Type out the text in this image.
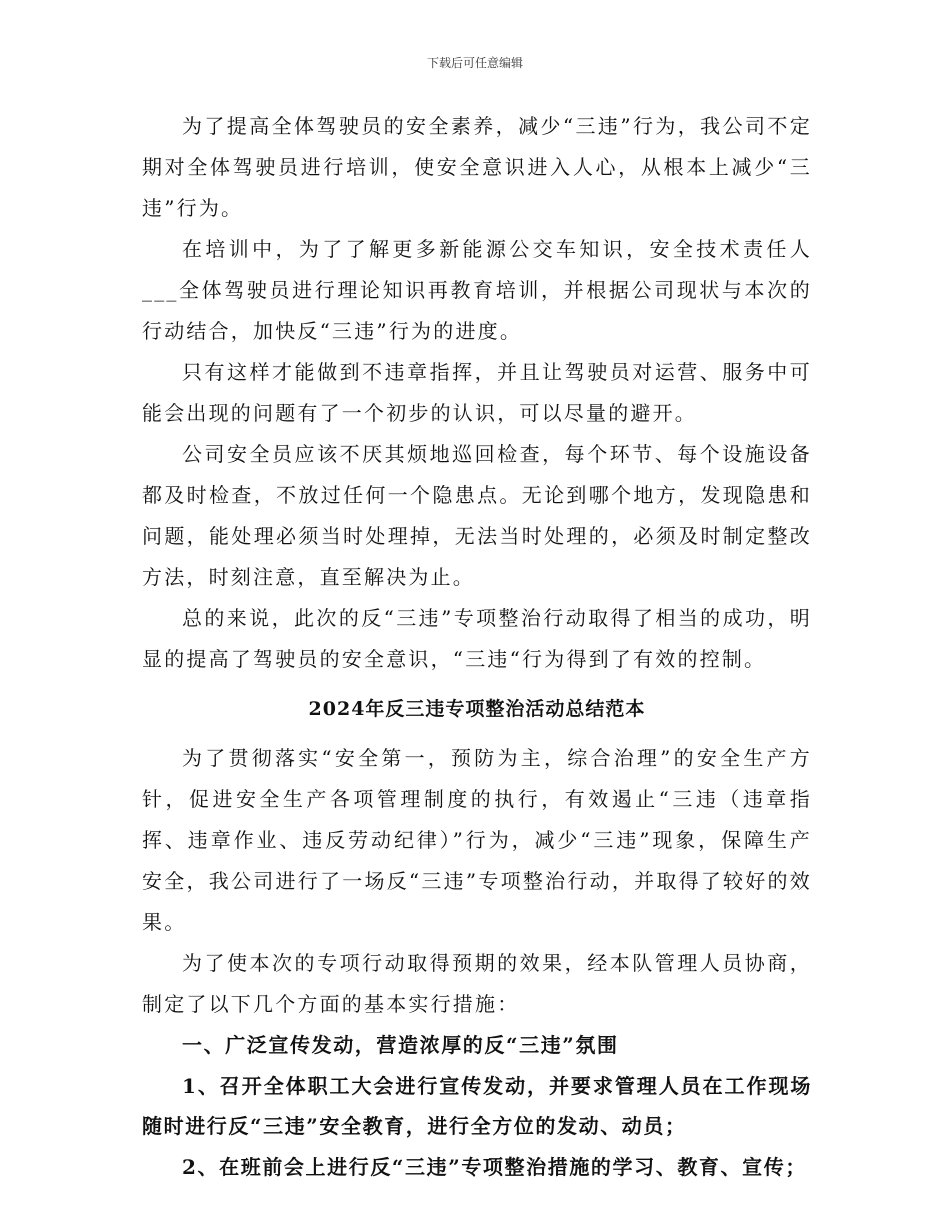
下载后可任意编辑

为了提高全体驾驶员的安全素养，减少“三违”行为，我公司不定期对全体驾驶员进行培训，使安全意识进入人心，从根本上减少“三违”行为。

在培训中，为了了解更多新能源公交车知识，安全技术责任人___全体驾驶员进行理论知识再教育培训，并根据公司现状与本次的行动结合，加快反“三违”行为的进度。

只有这样才能做到不违章指挥，并且让驾驶员对运营、服务中可能会出现的问题有了一个初步的认识，可以尽量的避开。

公司安全员应该不厌其烦地巡回检查，每个环节、每个设施设备都及时检查，不放过任何一个隐患点。无论到哪个地方，发现隐患和问题，能处理必须当时处理掉，无法当时处理的，必须及时制定整改方法，时刻注意，直至解决为止。

总的来说，此次的反“三违”专项整治行动取得了相当的成功，明显的提高了驾驶员的安全意识，“三违“行为得到了有效的控制。

2024年反三违专项整治活动总结范本

为了贯彻落实“安全第一，预防为主，综合治理”的安全生产方针，促进安全生产各项管理制度的执行，有效遏止“三违（违章指挥、违章作业、违反劳动纪律）”行为，减少“三违”现象，保障生产安全，我公司进行了一场反“三违”专项整治行动，并取得了较好的效果。

为了使本次的专项行动取得预期的效果，经本队管理人员协商，制定了以下几个方面的基本实行措施：

一、广泛宣传发动，营造浓厚的反“三违”氛围

1、召开全体职工大会进行宣传发动，并要求管理人员在工作现场随时进行反“三违”安全教育，进行全方位的发动、动员；

2、在班前会上进行反“三违”专项整治措施的学习、教育、宣传；
